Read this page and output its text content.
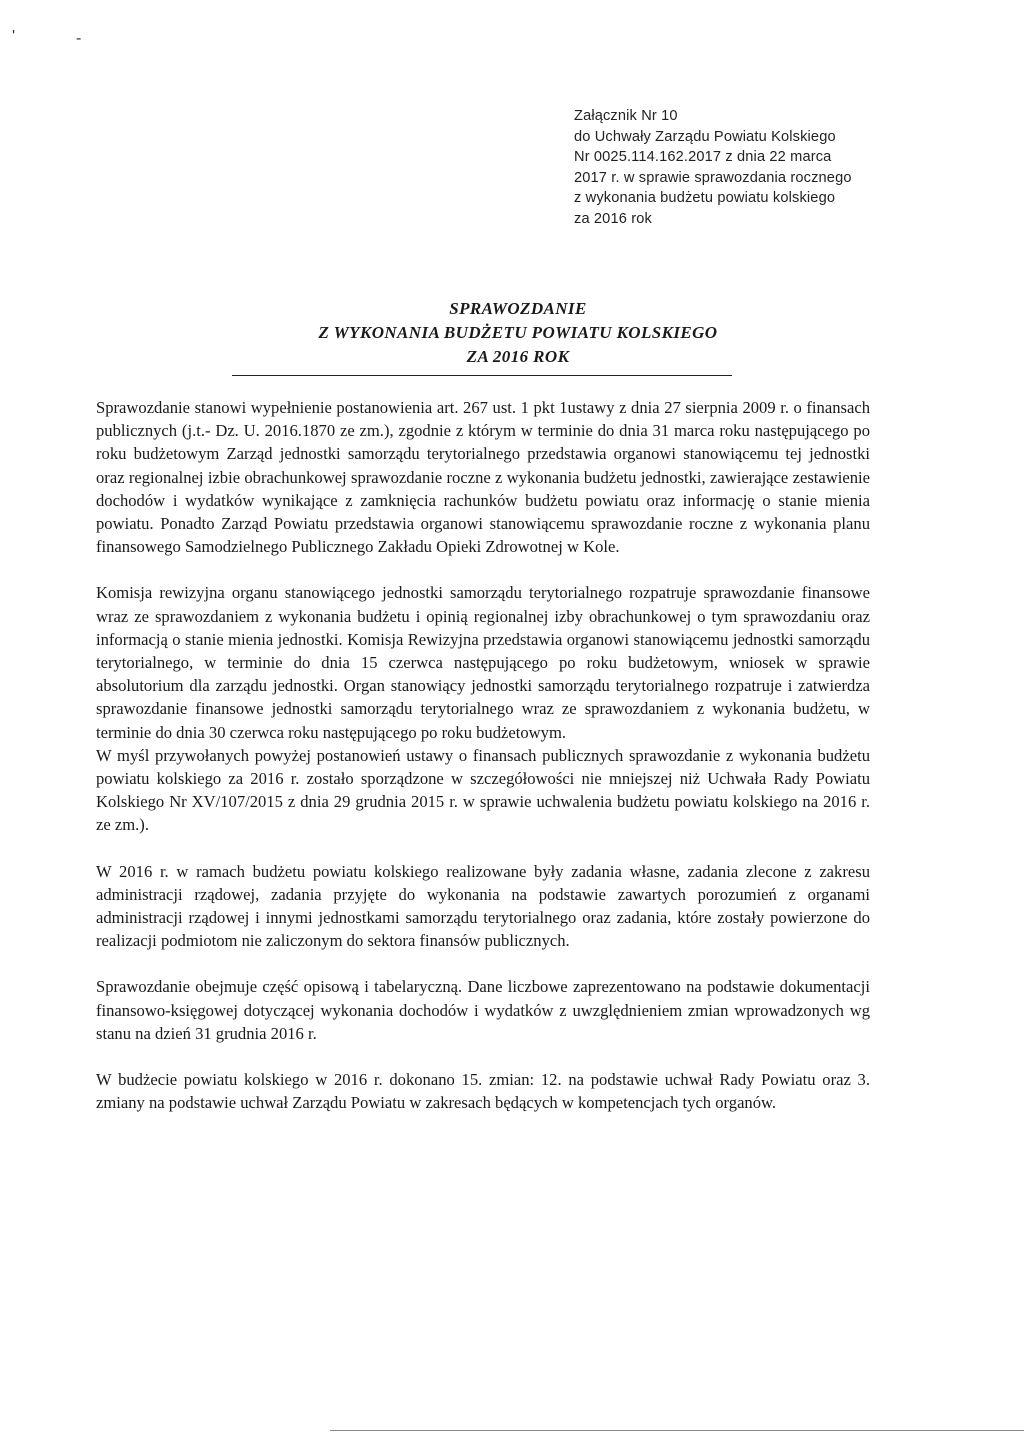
'	-
Załącznik Nr 10
do Uchwały Zarządu Powiatu Kolskiego
Nr 0025.114.162.2017 z dnia 22 marca
2017 r. w sprawie sprawozdania rocznego
z wykonania budżetu powiatu kolskiego
za 2016 rok
SPRAWOZDANIE
Z WYKONANIA BUDŻETU POWIATU KOLSKIEGO
ZA 2016 ROK

Sprawozdanie stanowi wypełnienie postanowienia art. 267 ust. 1 pkt 1ustawy z dnia 27 sierpnia 2009 r. o finansach publicznych (j.t.- Dz. U. 2016.1870 ze zm.), zgodnie z którym w terminie do dnia 31 marca roku następującego po roku budżetowym Zarząd jednostki samorządu terytorialnego przedstawia organowi stanowiącemu tej jednostki oraz regionalnej izbie obrachunkowej sprawozdanie roczne z wykonania budżetu jednostki, zawierające zestawienie dochodów i wydatków wynikające z zamknięcia rachunków budżetu powiatu oraz informację o stanie mienia powiatu. Ponadto Zarząd Powiatu przedstawia organowi stanowiącemu sprawozdanie roczne z wykonania planu finansowego Samodzielnego Publicznego Zakładu Opieki Zdrowotnej w Kole.

Komisja rewizyjna organu stanowiącego jednostki samorządu terytorialnego rozpatruje sprawozdanie finansowe wraz ze sprawozdaniem z wykonania budżetu i opinią regionalnej izby obrachunkowej o tym sprawozdaniu oraz informacją o stanie mienia jednostki. Komisja Rewizyjna przedstawia organowi stanowiącemu jednostki samorządu terytorialnego, w terminie do dnia 15 czerwca następującego po roku budżetowym, wniosek w sprawie absolutorium dla zarządu jednostki. Organ stanowiący jednostki samorządu terytorialnego rozpatruje i zatwierdza sprawozdanie finansowe jednostki samorządu terytorialnego wraz ze sprawozdaniem z wykonania budżetu, w terminie do dnia 30 czerwca roku następującego po roku budżetowym.

W myśl przywołanych powyżej postanowień ustawy o finansach publicznych sprawozdanie z wykonania budżetu powiatu kolskiego za 2016 r. zostało sporządzone w szczegółowości nie mniejszej niż Uchwała Rady Powiatu Kolskiego Nr XV/107/2015 z dnia 29 grudnia 2015 r. w sprawie uchwalenia budżetu powiatu kolskiego na 2016 r. ze zm.).

W 2016 r. w ramach budżetu powiatu kolskiego realizowane były zadania własne, zadania zlecone z zakresu administracji rządowej, zadania przyjęte do wykonania na podstawie zawartych porozumień z organami administracji rządowej i innymi jednostkami samorządu terytorialnego oraz zadania, które zostały powierzone do realizacji podmiotom nie zaliczonym do sektora finansów publicznych.

Sprawozdanie obejmuje część opisową i tabelaryczną. Dane liczbowe zaprezentowano na podstawie dokumentacji finansowo-księgowej dotyczącej wykonania dochodów i wydatków z uwzględnieniem zmian wprowadzonych wg stanu na dzień 31 grudnia 2016 r.

W budżecie powiatu kolskiego w 2016 r. dokonano 15. zmian: 12. na podstawie uchwał Rady Powiatu oraz 3. zmiany na podstawie uchwał Zarządu Powiatu w zakresach będących w kompetencjach tych organów.
